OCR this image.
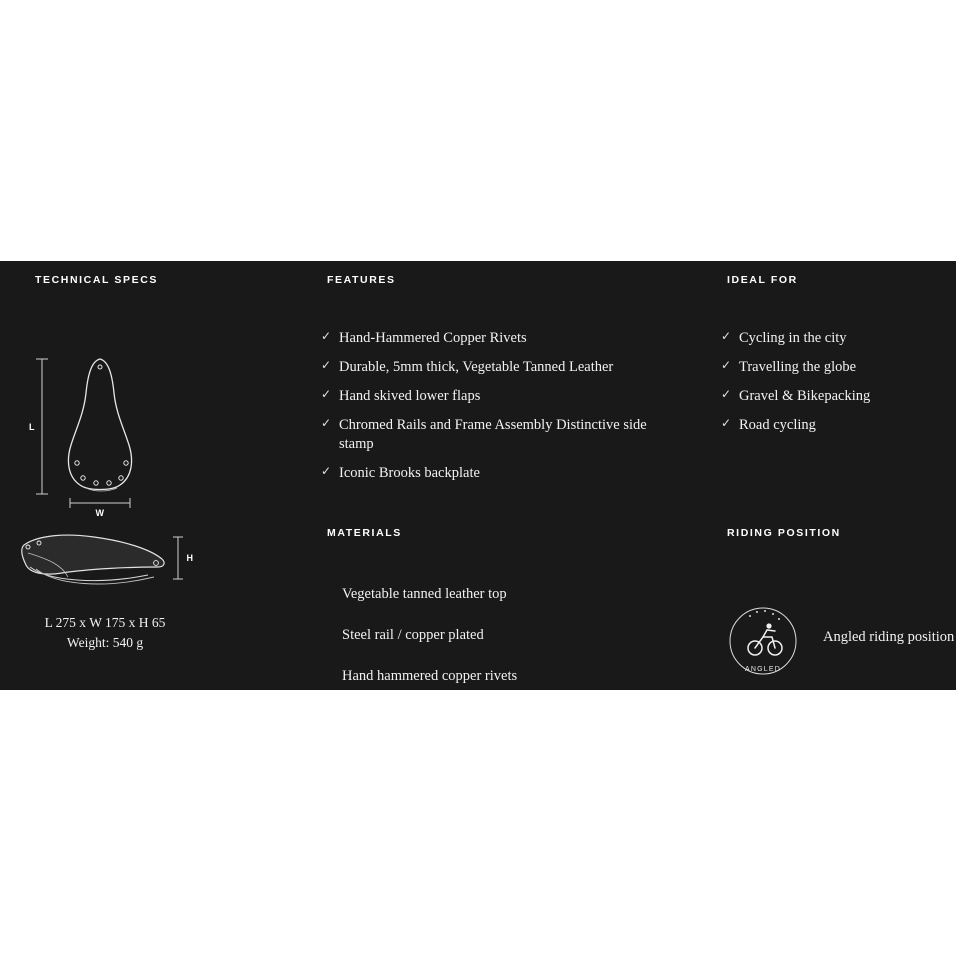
TECHNICAL SPECS
L
W
H
L 275 x W 175 x H 65
Weight: 540 g
FEATURES
✓ Hand-Hammered Copper Rivets
✓ Durable, 5mm thick, Vegetable Tanned Leather
✓ Hand skived lower flaps
✓ Chromed Rails and Frame Assembly Distinctive side stamp
✓ Iconic Brooks backplate
IDEAL FOR
✓ Cycling in the city
✓ Travelling the globe
✓ Gravel & Bikepacking
✓ Road cycling
MATERIALS
Vegetable tanned leather top
Steel rail / copper plated
Hand hammered copper rivets
RIDING POSITION
ANGLED
Angled riding position
